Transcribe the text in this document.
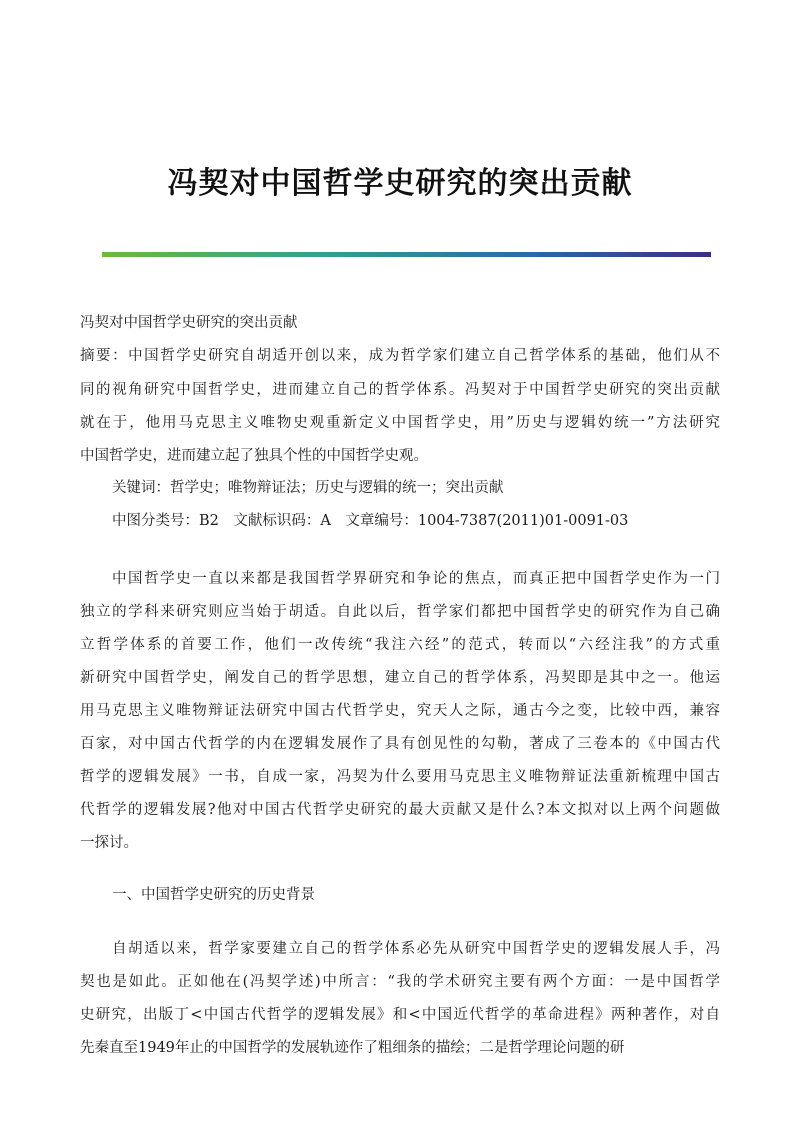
冯契对中国哲学史研究的突出贡献
冯契对中国哲学史研究的突出贡献
摘要：中国哲学史研究自胡适开创以来，成为哲学家们建立自己哲学体系的基础，他们从不
同的视角研究中国哲学史，进而建立自己的哲学体系。冯契对于中国哲学史研究的突出贡献
就在于，他用马克思主义唯物史观重新定义中国哲学史，用”历史与逻辑妁统一”方法研究
中国哲学史，进而建立起了独具个性的中国哲学史观。
关键词：哲学史；唯物辩证法；历史与逻辑的统一；突出贡献
中图分类号：B2　文献标识码：A　文章编号：1004-7387(2011)01-0091-03
中国哲学史一直以来都是我国哲学界研究和争论的焦点，而真正把中国哲学史作为一门
独立的学科来研究则应当始于胡适。自此以后，哲学家们都把中国哲学史的研究作为自己确
立哲学体系的首要工作，他们一改传统“我注六经”的范式，转而以“六经注我”的方式重
新研究中国哲学史，阐发自己的哲学思想，建立自己的哲学体系，冯契即是其中之一。他运
用马克思主义唯物辩证法研究中国古代哲学史，究天人之际，通古今之变，比较中西，兼容
百家，对中国古代哲学的内在逻辑发展作了具有创见性的勾勒，著成了三卷本的《中国古代
哲学的逻辑发展》一书，自成一家，冯契为什么要用马克思主义唯物辩证法重新梳理中国古
代哲学的逻辑发展?他对中国古代哲学史研究的最大贡献又是什么?本文拟对以上两个问题做
一探讨。
一、中国哲学史研究的历史背景
自胡适以来，哲学家要建立自己的哲学体系必先从研究中国哲学史的逻辑发展人手，冯
契也是如此。正如他在(冯契学述)中所言：“我的学术研究主要有两个方面：一是中国哲学
史研究，出版丁<中国古代哲学的逻辑发展》和<中国近代哲学的革命进程》两种著作，对自
先秦直至1949年止的中国哲学的发展轨迹作了粗细条的描绘；二是哲学理论问题的研
